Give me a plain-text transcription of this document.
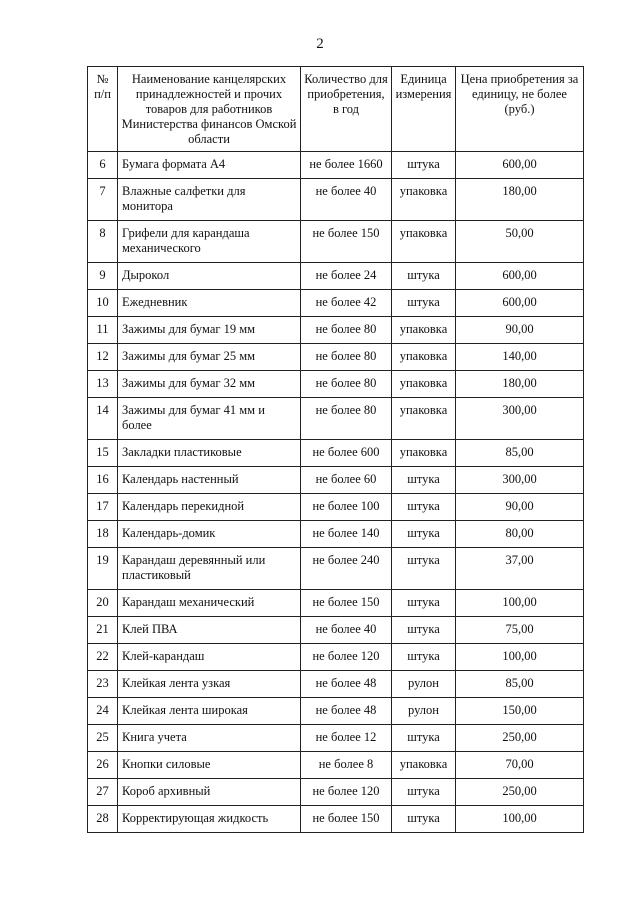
2
№ п/п	Наименование канцелярских принадлежностей и прочих товаров для работников Министерства финансов Омской области	Количество для приобретения, в год	Единица измерения	Цена приобретения за единицу, не более (руб.)
6	Бумага формата А4	не более 1660	штука	600,00
7	Влажные салфетки для монитора	не более 40	упаковка	180,00
8	Грифели для карандаша механического	не более 150	упаковка	50,00
9	Дырокол	не более 24	штука	600,00
10	Ежедневник	не более 42	штука	600,00
11	Зажимы для бумаг 19 мм	не более 80	упаковка	90,00
12	Зажимы для бумаг 25 мм	не более 80	упаковка	140,00
13	Зажимы для бумаг 32 мм	не более 80	упаковка	180,00
14	Зажимы для бумаг 41 мм и более	не более 80	упаковка	300,00
15	Закладки пластиковые	не более 600	упаковка	85,00
16	Календарь настенный	не более 60	штука	300,00
17	Календарь перекидной	не более 100	штука	90,00
18	Календарь-домик	не более 140	штука	80,00
19	Карандаш деревянный или пластиковый	не более 240	штука	37,00
20	Карандаш механический	не более 150	штука	100,00
21	Клей ПВА	не более 40	штука	75,00
22	Клей-карандаш	не более 120	штука	100,00
23	Клейкая лента узкая	не более 48	рулон	85,00
24	Клейкая лента широкая	не более 48	рулон	150,00
25	Книга учета	не более 12	штука	250,00
26	Кнопки силовые	не более 8	упаковка	70,00
27	Короб архивный	не более 120	штука	250,00
28	Корректирующая жидкость	не более 150	штука	100,00
